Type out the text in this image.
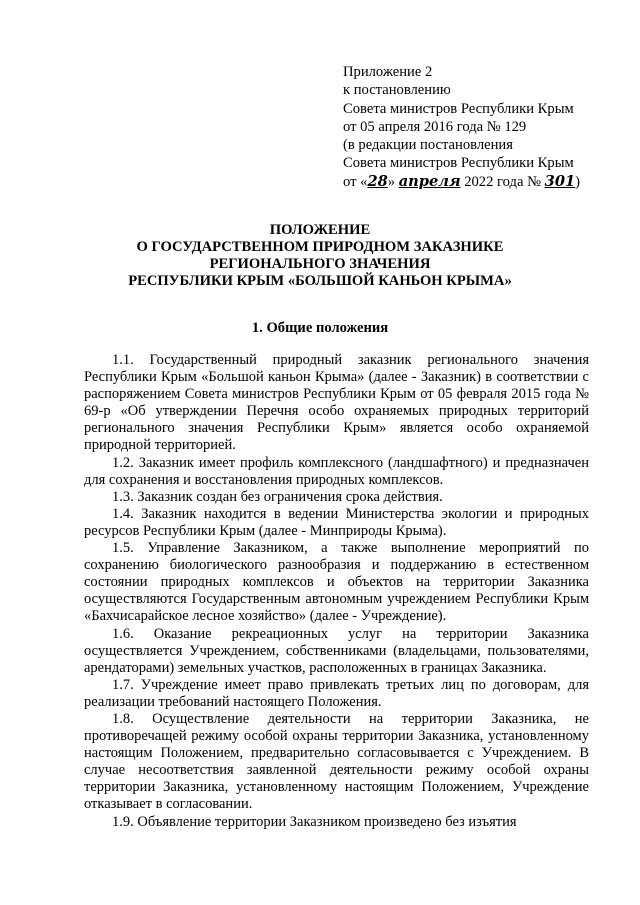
Приложение 2
к постановлению
Совета министров Республики Крым
от 05 апреля 2016 года № 129
(в редакции постановления
Совета министров Республики Крым
от «28» апреля 2022 года № 301)
ПОЛОЖЕНИЕ
О ГОСУДАРСТВЕННОМ ПРИРОДНОМ ЗАКАЗНИКЕ
РЕГИОНАЛЬНОГО ЗНАЧЕНИЯ
РЕСПУБЛИКИ КРЫМ «БОЛЬШОЙ КАНЬОН КРЫМА»
1. Общие положения

1.1. Государственный природный заказник регионального значения Республики Крым «Большой каньон Крыма» (далее - Заказник) в соответствии с распоряжением Совета министров Республики Крым от 05 февраля 2015 года № 69-р «Об утверждении Перечня особо охраняемых природных территорий регионального значения Республики Крым» является особо охраняемой природной территорией.

1.2. Заказник имеет профиль комплексного (ландшафтного) и предназначен для сохранения и восстановления природных комплексов.

1.3. Заказник создан без ограничения срока действия.

1.4. Заказник находится в ведении Министерства экологии и природных ресурсов Республики Крым (далее - Минприроды Крыма).

1.5. Управление Заказником, а также выполнение мероприятий по сохранению биологического разнообразия и поддержанию в естественном состоянии природных комплексов и объектов на территории Заказника осуществляются Государственным автономным учреждением Республики Крым «Бахчисарайское лесное хозяйство» (далее - Учреждение).

1.6. Оказание рекреационных услуг на территории Заказника осуществляется Учреждением, собственниками (владельцами, пользователями, арендаторами) земельных участков, расположенных в границах Заказника.

1.7. Учреждение имеет право привлекать третьих лиц по договорам, для реализации требований настоящего Положения.

1.8. Осуществление деятельности на территории Заказника, не противоречащей режиму особой охраны территории Заказника, установленному настоящим Положением, предварительно согласовывается с Учреждением. В случае несоответствия заявленной деятельности режиму особой охраны территории Заказника, установленному настоящим Положением, Учреждение отказывает в согласовании.

1.9. Объявление территории Заказником произведено без изъятия
